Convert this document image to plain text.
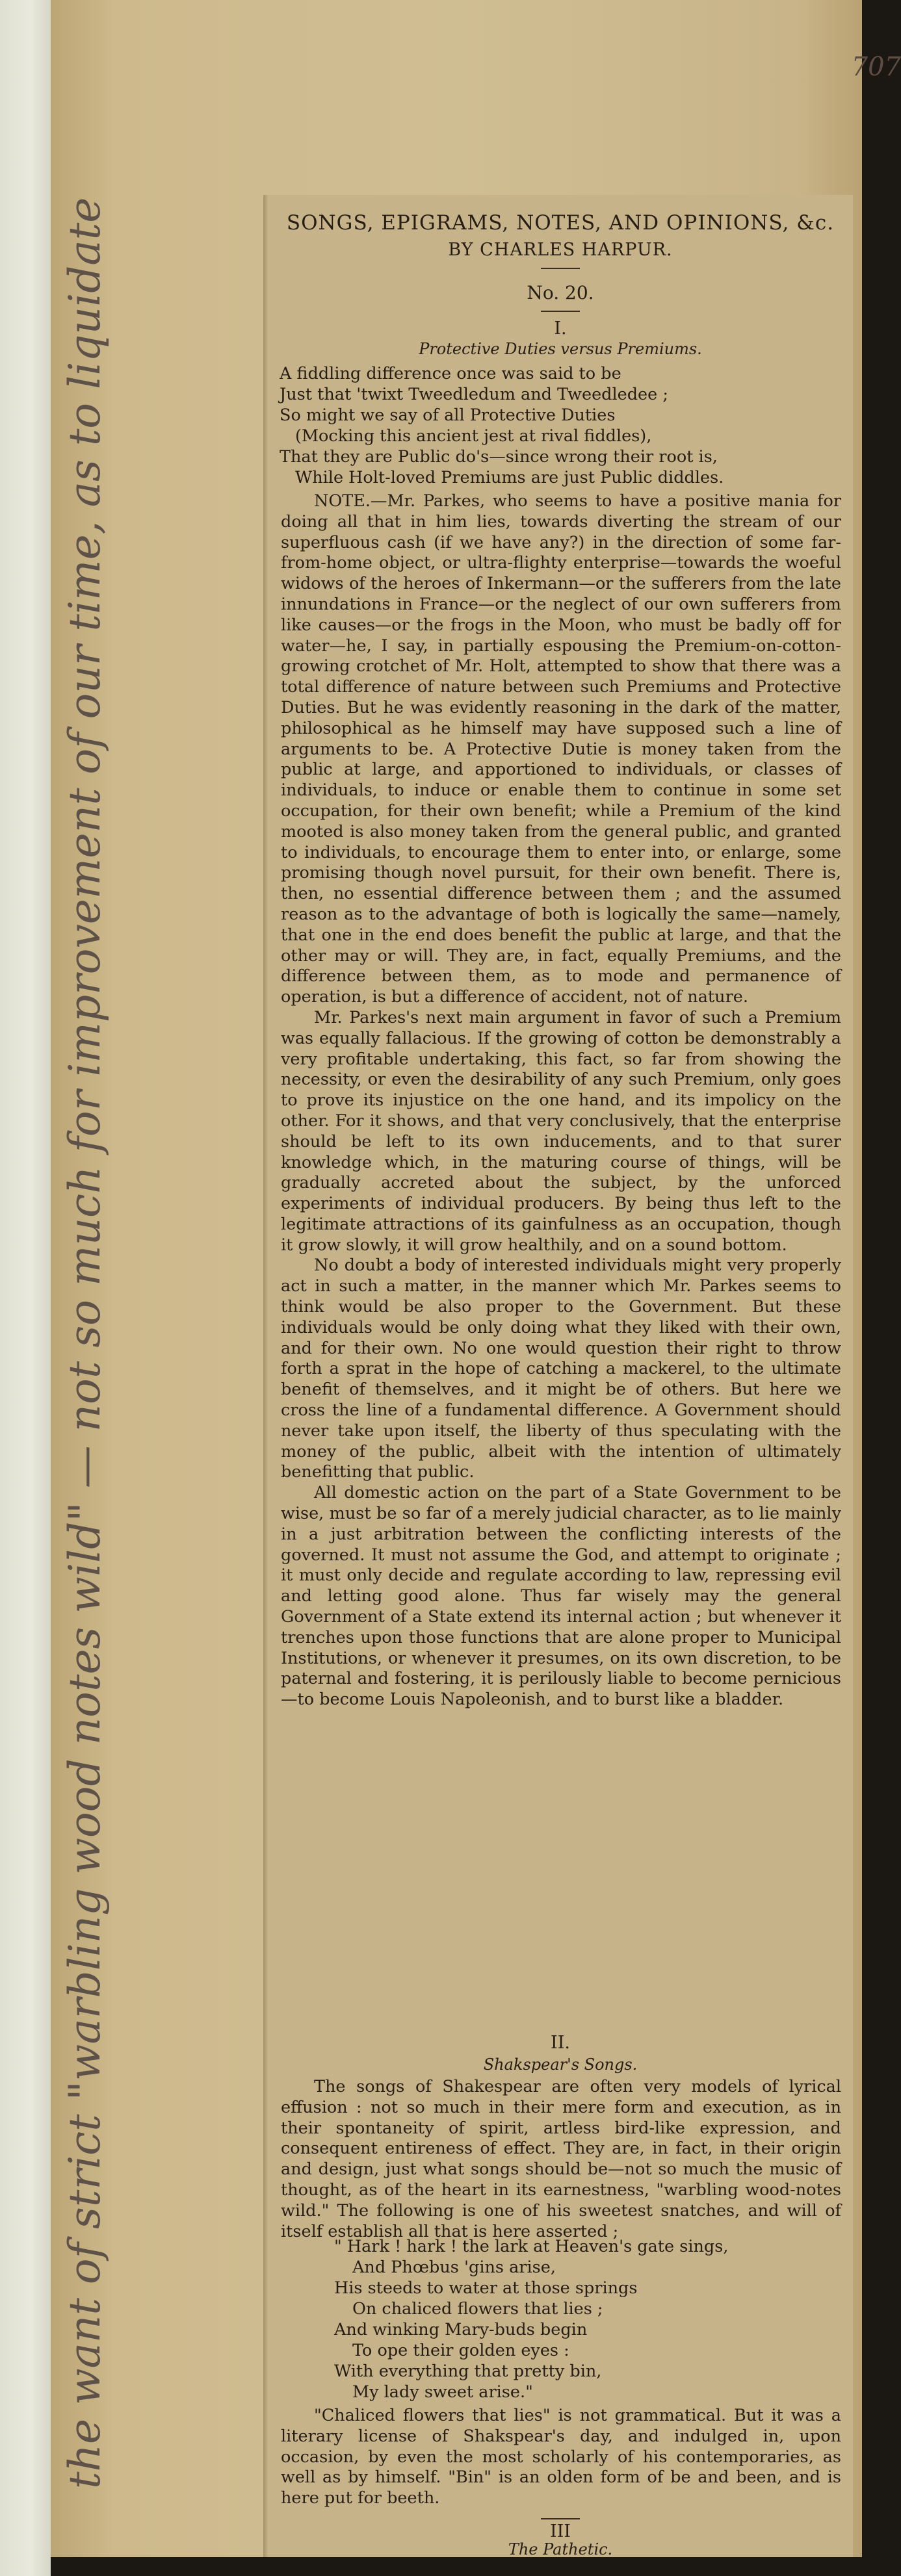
707
the want of strict "warbling wood notes wild" — not so much for improvement of our time, as to liquidate	SONGS, EPIGRAMS, NOTES, AND OPINIONS, &c.
BY CHARLES HARPUR.
No. 20.
I.
Protective Duties versus Premiums.
A fiddling difference once was said to be
Just that 'twixt Tweedledum and Tweedledee ;
So might we say of all Protective Duties
(Mocking this ancient jest at rival fiddles),
That they are Public do's—since wrong their root is,
While Holt-loved Premiums are just Public diddles.

NOTE.—Mr. Parkes, who seems to have a positive mania for doing all that in him lies, towards diverting the stream of our superfluous cash (if we have any?) in the direction of some far-from-home object, or ultra-flighty enterprise—towards the woeful widows of the heroes of Inkermann—or the sufferers from the late innundations in France—or the neglect of our own sufferers from like causes—or the frogs in the Moon, who must be badly off for water—he, I say, in partially espousing the Premium-on-cotton-growing crotchet of Mr. Holt, attempted to show that there was a total difference of nature between such Premiums and Protective Duties. But he was evidently reasoning in the dark of the matter, philosophical as he himself may have supposed such a line of arguments to be. A Protective Dutie is money taken from the public at large, and apportioned to individuals, or classes of individuals, to induce or enable them to continue in some set occupation, for their own benefit; while a Premium of the kind mooted is also money taken from the general public, and granted to individuals, to encourage them to enter into, or enlarge, some promising though novel pursuit, for their own benefit. There is, then, no essential difference between them ; and the assumed reason as to the advantage of both is logically the same—namely, that one in the end does benefit the public at large, and that the other may or will. They are, in fact, equally Premiums, and the difference between them, as to mode and permanence of operation, is but a difference of accident, not of nature.

Mr. Parkes's next main argument in favor of such a Premium was equally fallacious. If the growing of cotton be demonstrably a very profitable undertaking, this fact, so far from showing the necessity, or even the desirability of any such Premium, only goes to prove its injustice on the one hand, and its impolicy on the other. For it shows, and that very conclusively, that the enterprise should be left to its own inducements, and to that surer knowledge which, in the maturing course of things, will be gradually accreted about the subject, by the unforced experiments of individual producers. By being thus left to the legitimate attractions of its gainfulness as an occupation, though it grow slowly, it will grow healthily, and on a sound bottom.

No doubt a body of interested individuals might very properly act in such a matter, in the manner which Mr. Parkes seems to think would be also proper to the Government. But these individuals would be only doing what they liked with their own, and for their own. No one would question their right to throw forth a sprat in the hope of catching a mackerel, to the ultimate benefit of themselves, and it might be of others. But here we cross the line of a fundamental difference. A Government should never take upon itself, the liberty of thus speculating with the money of the public, albeit with the intention of ultimately benefitting that public.

All domestic action on the part of a State Government to be wise, must be so far of a merely judicial character, as to lie mainly in a just arbitration between the conflicting interests of the governed. It must not assume the God, and attempt to originate ; it must only decide and regulate according to law, repressing evil and letting good alone. Thus far wisely may the general Government of a State extend its internal action ; but whenever it trenches upon those functions that are alone proper to Municipal Institutions, or whenever it presumes, on its own discretion, to be paternal and fostering, it is perilously liable to become pernicious—to become Louis Napoleonish, and to burst like a bladder.

II.
Shakspear's Songs.

The songs of Shakespear are often very models of lyrical effusion : not so much in their mere form and execution, as in their spontaneity of spirit, artless bird-like expression, and consequent entireness of effect. They are, in fact, in their origin and design, just what songs should be—not so much the music of thought, as of the heart in its earnestness, "warbling wood-notes wild." The following is one of his sweetest snatches, and will of itself establish all that is here asserted ;

" Hark ! hark ! the lark at Heaven's gate sings,
And Phœbus 'gins arise,
His steeds to water at those springs
On chaliced flowers that lies ;
And winking Mary-buds begin
To ope their golden eyes :
With everything that pretty bin,
My lady sweet arise."

"Chaliced flowers that lies" is not grammatical. But it was a literary license of Shakspear's day, and indulged in, upon occasion, by even the most scholarly of his contemporaries, as well as by himself. "Bin" is an olden form of be and been, and is here put for beeth.

III
The Pathetic.
